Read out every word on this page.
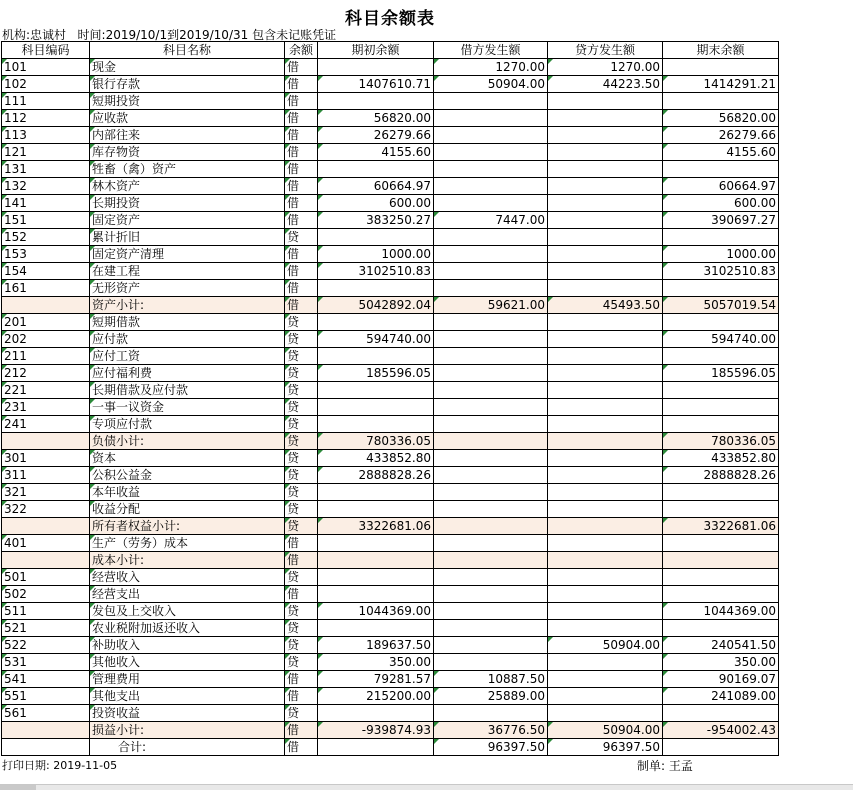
科目余额表
机构:忠诚村 时间:2019/10/1到2019/10/31 包含未记账凭证
科目编码	科目名称	余额	期初余额	借方发生额	贷方发生额	期末余额
101	现金	借		1270.00	1270.00	
102	银行存款	借	1407610.71	50904.00	44223.50	1414291.21
111	短期投资	借				
112	应收款	借	56820.00			56820.00
113	内部往来	借	26279.66			26279.66
121	库存物资	借	4155.60			4155.60
131	牲畜（禽）资产	借				
132	林木资产	借	60664.97			60664.97
141	长期投资	借	600.00			600.00
151	固定资产	借	383250.27	7447.00		390697.27
152	累计折旧	贷				
153	固定资产清理	借	1000.00			1000.00
154	在建工程	借	3102510.83			3102510.83
161	无形资产	借				
	资产小计:	借	5042892.04	59621.00	45493.50	5057019.54
201	短期借款	贷				
202	应付款	贷	594740.00			594740.00
211	应付工资	贷				
212	应付福利费	贷	185596.05			185596.05
221	长期借款及应付款	贷				
231	一事一议资金	贷				
241	专项应付款	贷				
	负债小计:	贷	780336.05			780336.05
301	资本	贷	433852.80			433852.80
311	公积公益金	贷	2888828.26			2888828.26
321	本年收益	贷				
322	收益分配	贷				
	所有者权益小计:	贷	3322681.06			3322681.06
401	生产（劳务）成本	借				
	成本小计:	借				
501	经营收入	贷				
502	经营支出	借				
511	发包及上交收入	贷	1044369.00			1044369.00
521	农业税附加返还收入	贷				
522	补助收入	贷	189637.50		50904.00	240541.50
531	其他收入	贷	350.00			350.00
541	管理费用	借	79281.57	10887.50		90169.07
551	其他支出	借	215200.00	25889.00		241089.00
561	投资收益	贷				
	损益小计:	借	-939874.93	36776.50	50904.00	-954002.43
	合计:	借		96397.50	96397.50	
打印日期: 2019-11-05	制单: 王孟
